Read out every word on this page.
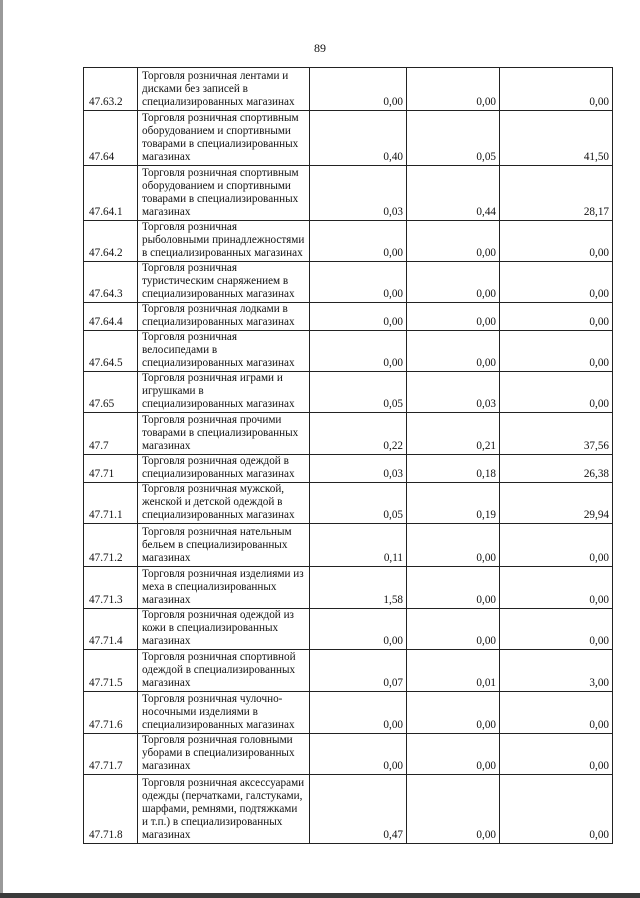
89
47.63.2	Торговля розничная лентами и дисками без записей в специализированных магазинах	0,00	0,00	0,00
47.64	Торговля розничная спортивным оборудованием и спортивными товарами в специализированных магазинах	0,40	0,05	41,50
47.64.1	Торговля розничная спортивным оборудованием и спортивными товарами в специализированных магазинах	0,03	0,44	28,17
47.64.2	Торговля розничная рыболовными принадлежностями в специализированных магазинах	0,00	0,00	0,00
47.64.3	Торговля розничная туристическим снаряжением в специализированных магазинах	0,00	0,00	0,00
47.64.4	Торговля розничная лодками в специализированных магазинах	0,00	0,00	0,00
47.64.5	Торговля розничная велосипедами в специализированных магазинах	0,00	0,00	0,00
47.65	Торговля розничная играми и игрушками в специализированных магазинах	0,05	0,03	0,00
47.7	Торговля розничная прочими товарами в специализированных магазинах	0,22	0,21	37,56
47.71	Торговля розничная одеждой в специализированных магазинах	0,03	0,18	26,38
47.71.1	Торговля розничная мужской, женской и детской одеждой в специализированных магазинах	0,05	0,19	29,94
47.71.2	Торговля розничная нательным бельем в специализированных магазинах	0,11	0,00	0,00
47.71.3	Торговля розничная изделиями из меха в специализированных магазинах	1,58	0,00	0,00
47.71.4	Торговля розничная одеждой из кожи в специализированных магазинах	0,00	0,00	0,00
47.71.5	Торговля розничная спортивной одеждой в специализированных магазинах	0,07	0,01	3,00
47.71.6	Торговля розничная чулочно-носочными изделиями в специализированных магазинах	0,00	0,00	0,00
47.71.7	Торговля розничная головными уборами в специализированных магазинах	0,00	0,00	0,00
47.71.8	Торговля розничная аксессуарами одежды (перчатками, галстуками, шарфами, ремнями, подтяжками и т.п.) в специализированных магазинах	0,47	0,00	0,00
